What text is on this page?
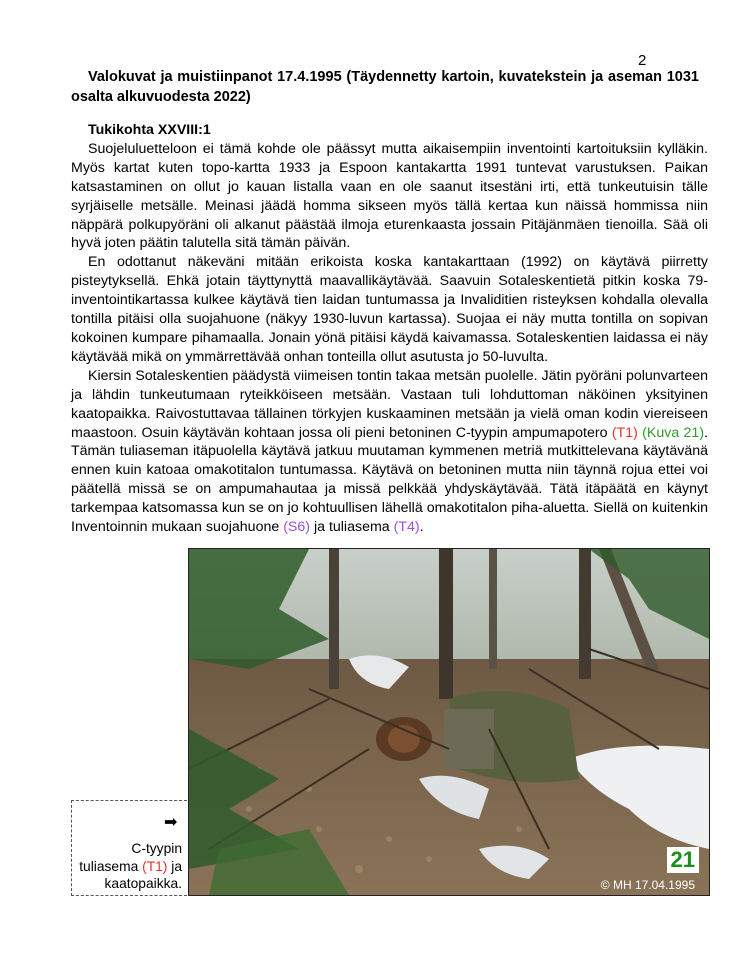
2
Valokuvat ja muistiinpanot 17.4.1995 (Täydennetty kartoin, kuvatekstein ja aseman 1031 osalta alkuvuodesta 2022)
Tukikohta XXVIII:1

Suojeluluetteloon ei tämä kohde ole päässyt mutta aikaisempiin inventointi kartoituksiin kylläkin. Myös kartat kuten topo-kartta 1933 ja Espoon kantakartta 1991 tuntevat varustuksen. Paikan katsastaminen on ollut jo kauan listalla vaan en ole saanut itsestäni irti, että tunkeutuisin tälle syrjäiselle metsälle. Meinasi jäädä homma sikseen myös tällä kertaa kun näissä hommissa niin näppärä polkupyöräni oli alkanut päästää ilmoja eturenkaasta jossain Pitäjänmäen tienoilla. Sää oli hyvä joten päätin talutella sitä tämän päivän.

En odottanut näkeväni mitään erikoista koska kantakarttaan (1992) on käytävä piirretty pisteytyksellä. Ehkä jotain täyttynyttä maavallikäytävää. Saavuin Sotaleskentietä pitkin koska 79-inventointikartassa kulkee käytävä tien laidan tuntumassa ja Invaliditien risteyksen kohdalla olevalla tontilla pitäisi olla suojahuone (näkyy 1930-luvun kartassa). Suojaa ei näy mutta tontilla on sopivan kokoinen kumpare pihamaalla. Jonain yönä pitäisi käydä kaivamassa. Sotaleskentien laidassa ei näy käytävää mikä on ymmärrettävää onhan tonteilla ollut asutusta jo 50-luvulta.

Kiersin Sotaleskentien päädystä viimeisen tontin takaa metsän puolelle. Jätin pyöräni polunvarteen ja lähdin tunkeutumaan ryteikköiseen metsään. Vastaan tuli lohduttoman näköinen yksityinen kaatopaikka. Raivostuttavaa tällainen törkyjen kuskaaminen metsään ja vielä oman kodin viereiseen maastoon. Osuin käytävän kohtaan jossa oli pieni betoninen C-tyypin ampumapotero (T1) (Kuva 21). Tämän tuliaseman itäpuolella käytävä jatkuu muutaman kymmenen metriä mutkittelevana käytävänä ennen kuin katoaa omakotitalon tuntumassa. Käytävä on betoninen mutta niin täynnä rojua ettei voi päätellä missä se on ampumahautaa ja missä pelkkää yhdyskäytävää. Tätä itäpäätä en käynyt tarkempaa katsomassa kun se on jo kohtuullisen lähellä omakotitalon piha-aluetta. Siellä on kuitenkin Inventoinnin mukaan suojahuone (S6) ja tuliasema (T4).

21
© MH 17.04.1995
➡
C-tyypin tuliasema (T1) ja kaatopaikka.
